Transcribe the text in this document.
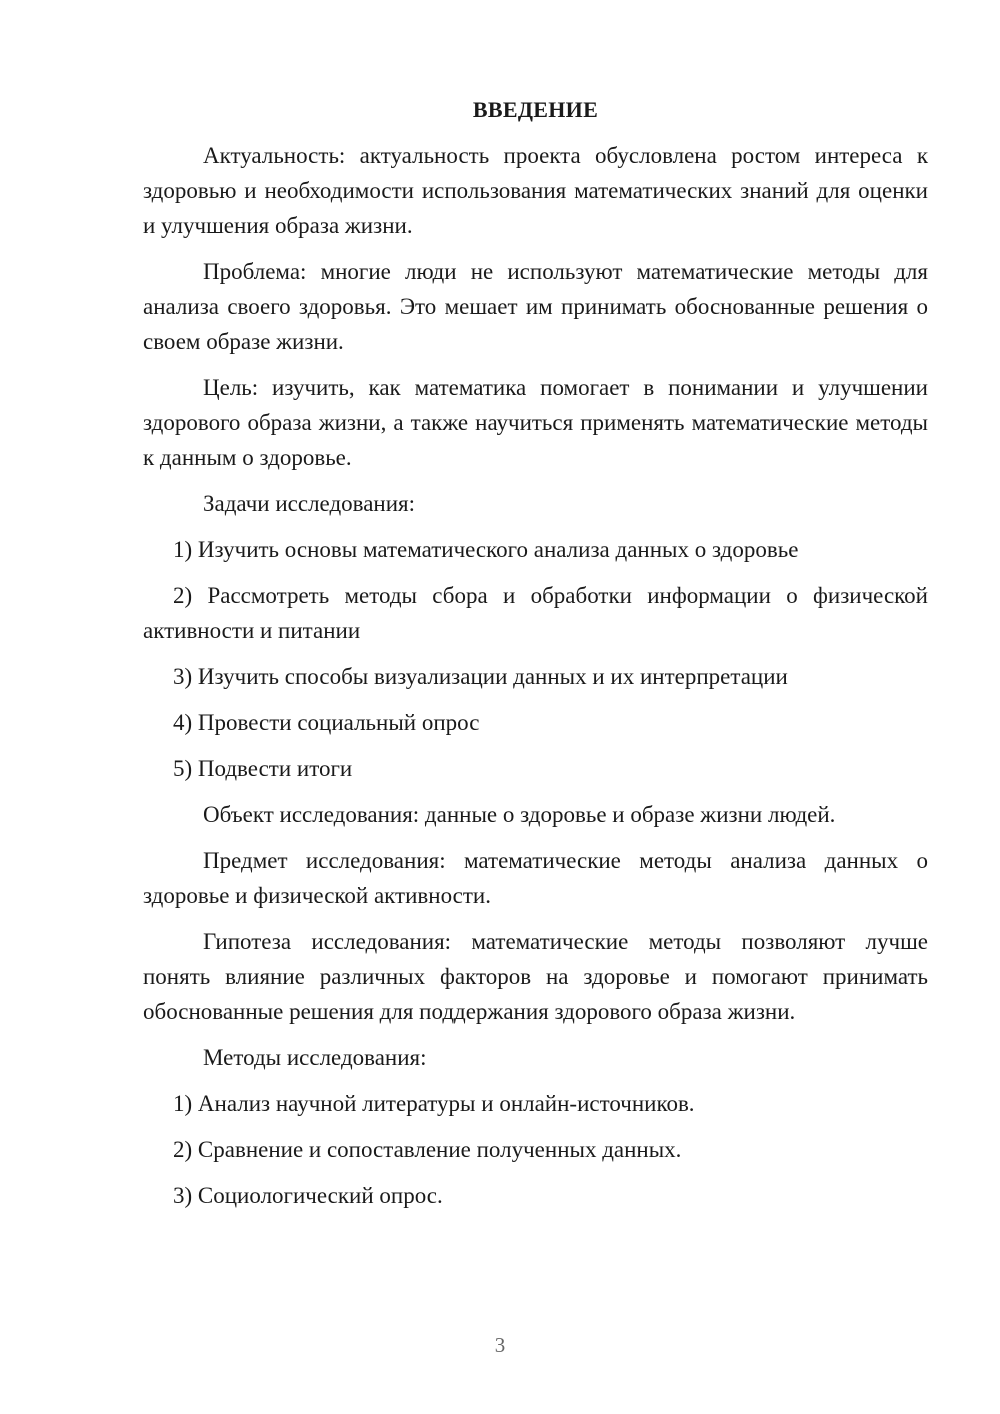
ВВЕДЕНИЕ

Актуальность: актуальность проекта обусловлена ростом интереса к здоровью и необходимости использования математических знаний для оценки и улучшения образа жизни.

Проблема: многие люди не используют математические методы для анализа своего здоровья. Это мешает им принимать обоснованные решения о своем образе жизни.

Цель: изучить, как математика помогает в понимании и улучшении здорового образа жизни, а также научиться применять математические методы к данным о здоровье.

Задачи исследования:

1) Изучить основы математического анализа данных о здоровье

2) Рассмотреть методы сбора и обработки информации о физической активности и питании

3) Изучить способы визуализации данных и их интерпретации

4) Провести социальный опрос

5) Подвести итоги

Объект исследования: данные о здоровье и образе жизни людей.

Предмет исследования: математические методы анализа данных о здоровье и физической активности.

Гипотеза исследования: математические методы позволяют лучше понять влияние различных факторов на здоровье и помогают принимать обоснованные решения для поддержания здорового образа жизни.

Методы исследования:

1) Анализ научной литературы и онлайн-источников.

2) Сравнение и сопоставление полученных данных.

3) Социологический опрос.

3
